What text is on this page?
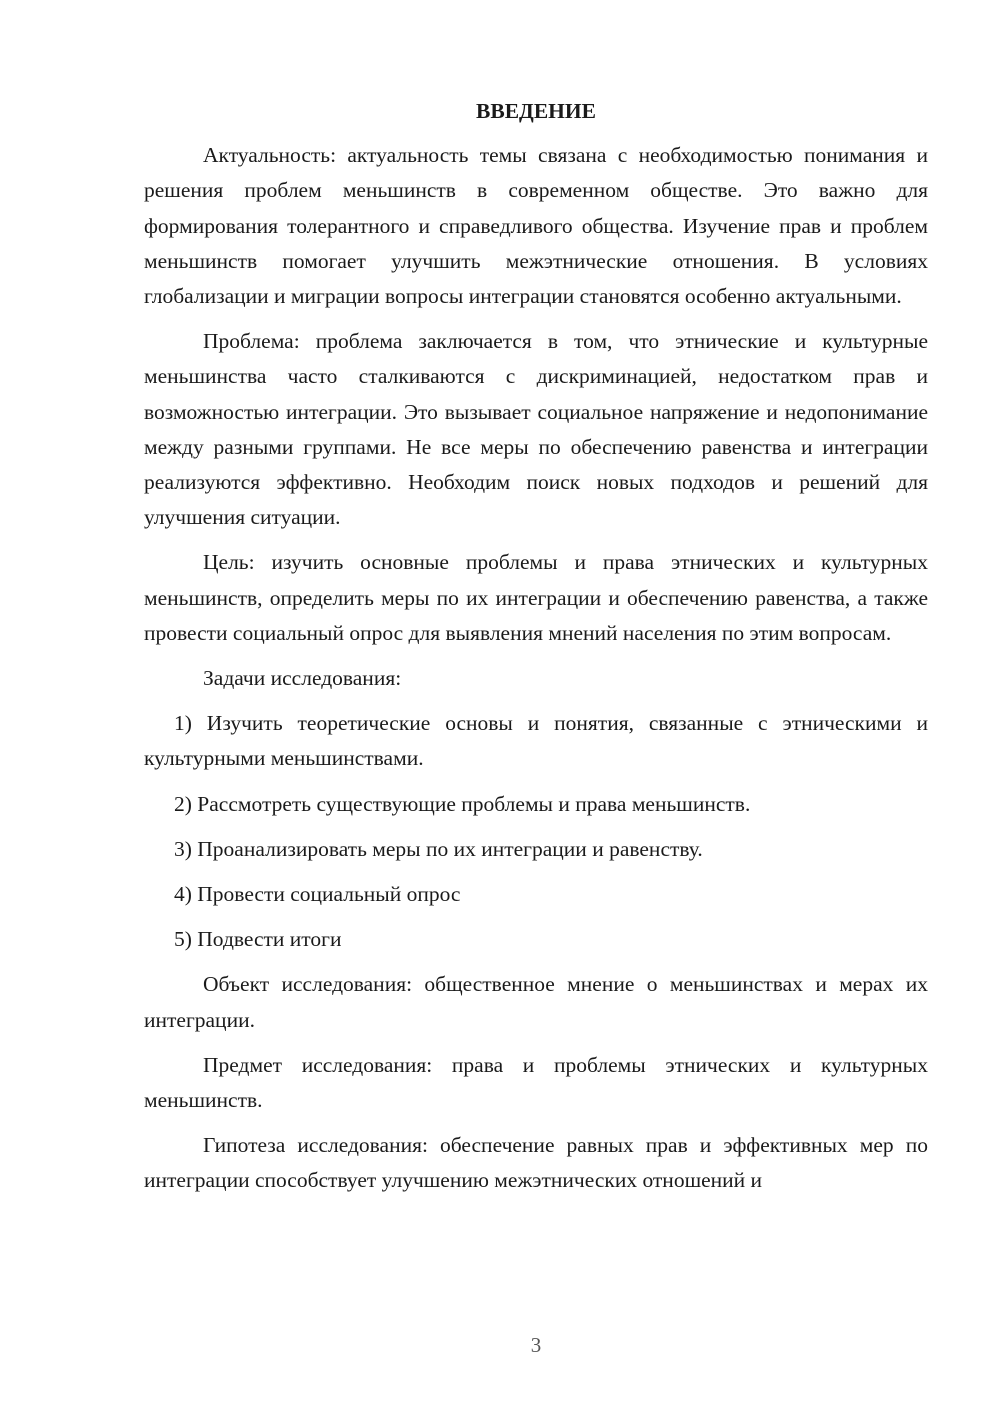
ВВЕДЕНИЕ

Актуальность: актуальность темы связана с необходимостью понимания и решения проблем меньшинств в современном обществе. Это важно для формирования толерантного и справедливого общества. Изучение прав и проблем меньшинств помогает улучшить межэтнические отношения. В условиях глобализации и миграции вопросы интеграции становятся особенно актуальными.

Проблема: проблема заключается в том, что этнические и культурные меньшинства часто сталкиваются с дискриминацией, недостатком прав и возможностью интеграции. Это вызывает социальное напряжение и недопонимание между разными группами. Не все меры по обеспечению равенства и интеграции реализуются эффективно. Необходим поиск новых подходов и решений для улучшения ситуации.

Цель: изучить основные проблемы и права этнических и культурных меньшинств, определить меры по их интеграции и обеспечению равенства, а также провести социальный опрос для выявления мнений населения по этим вопросам.

Задачи исследования:

1) Изучить теоретические основы и понятия, связанные с этническими и культурными меньшинствами.

2) Рассмотреть существующие проблемы и права меньшинств.

3) Проанализировать меры по их интеграции и равенству.

4) Провести социальный опрос

5) Подвести итоги

Объект исследования: общественное мнение о меньшинствах и мерах их интеграции.

Предмет исследования: права и проблемы этнических и культурных меньшинств.

Гипотеза исследования: обеспечение равных прав и эффективных мер по интеграции способствует улучшению межэтнических отношений и

3
